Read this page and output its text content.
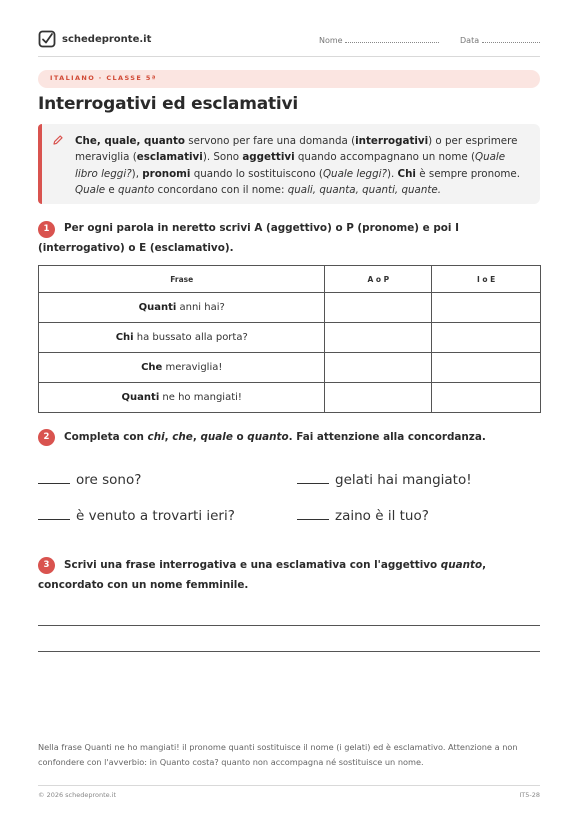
schedepronte.it	Nome	Data
ITALIANO · CLASSE 5ª
Interrogativi ed esclamativi
Che, quale, quanto servono per fare una domanda (interrogativi) o per esprimere meraviglia (esclamativi). Sono aggettivi quando accompagnano un nome (Quale libro leggi?), pronomi quando lo sostituiscono (Quale leggi?). Chi è sempre pronome. Quale e quanto concordano con il nome: quali, quanta, quanti, quante.
1	Per ogni parola in neretto scrivi A (aggettivo) o P (pronome) e poi I (interrogativo) o E (esclamativo).
Frase	A o P	I o E
Quanti anni hai?		
Chi ha bussato alla porta?		
Che meraviglia!		
Quanti ne ho mangiati!		
2	Completa con chi, che, quale o quanto. Fai attenzione alla concordanza.
ore sono?	gelati hai mangiato!
è venuto a trovarti ieri?	zaino è il tuo?
3	Scrivi una frase interrogativa e una esclamativa con l'aggettivo quanto, concordato con un nome femminile.
Nella frase Quanti ne ho mangiati! il pronome quanti sostituisce il nome (i gelati) ed è esclamativo. Attenzione a non confondere con l'avverbio: in Quanto costa? quanto non accompagna né sostituisce un nome.
© 2026 schedepronte.it	IT5-28
